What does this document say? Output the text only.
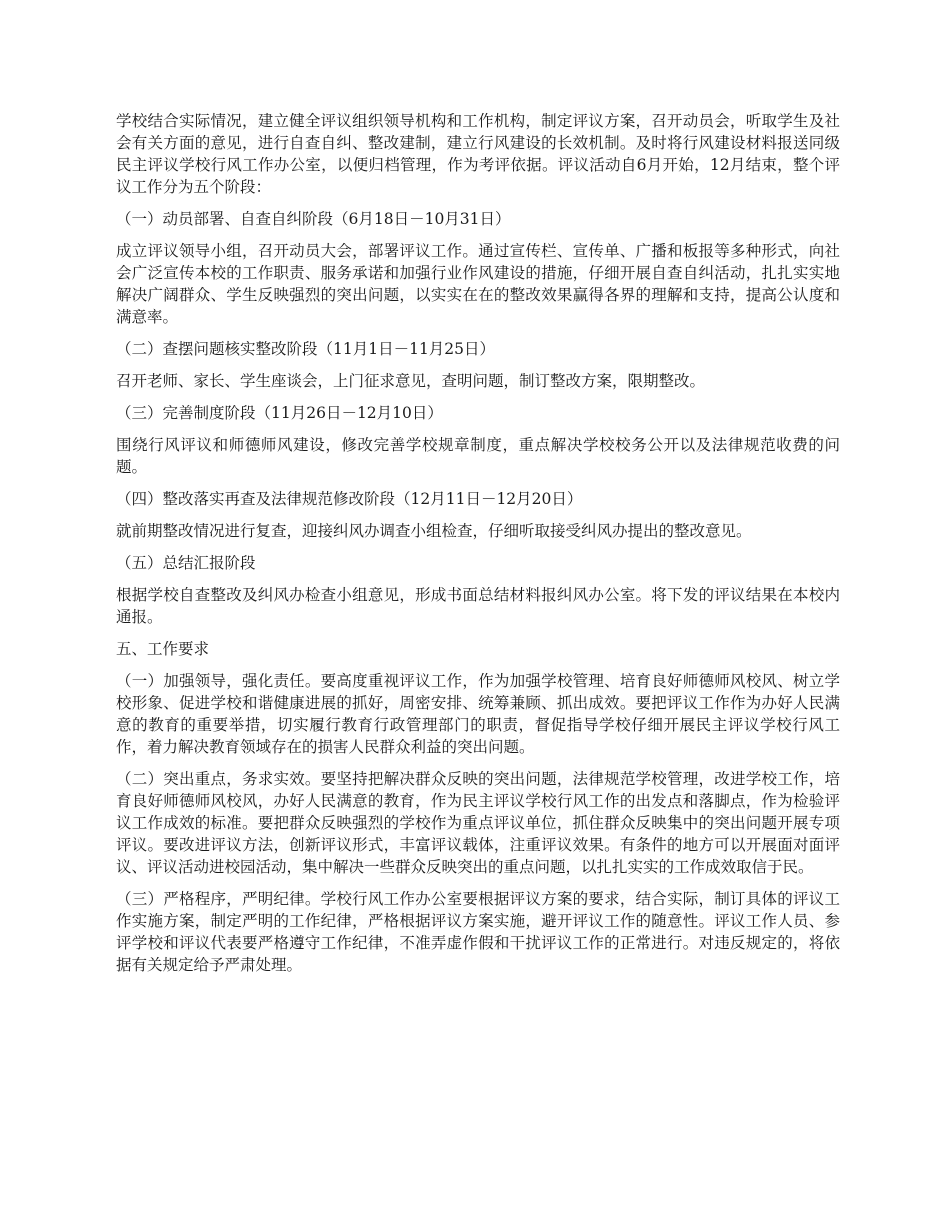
学校结合实际情况，建立健全评议组织领导机构和工作机构，制定评议方案，召开动员会，听取学生及社会有关方面的意见，进行自查自纠、整改建制，建立行风建设的长效机制。及时将行风建设材料报送同级民主评议学校行风工作办公室，以便归档管理，作为考评依据。评议活动自6月开始，12月结束，整个评议工作分为五个阶段：

（一）动员部署、自查自纠阶段（6月18日－10月31日）

成立评议领导小组，召开动员大会，部署评议工作。通过宣传栏、宣传单、广播和板报等多种形式，向社会广泛宣传本校的工作职责、服务承诺和加强行业作风建设的措施，仔细开展自查自纠活动，扎扎实实地解决广阔群众、学生反映强烈的突出问题，以实实在在的整改效果赢得各界的理解和支持，提高公认度和满意率。

（二）查摆问题核实整改阶段（11月1日－11月25日）

召开老师、家长、学生座谈会，上门征求意见，查明问题，制订整改方案，限期整改。

（三）完善制度阶段（11月26日－12月10日）

围绕行风评议和师德师风建设，修改完善学校规章制度，重点解决学校校务公开以及法律规范收费的问题。

（四）整改落实再查及法律规范修改阶段（12月11日－12月20日）

就前期整改情况进行复查，迎接纠风办调查小组检查，仔细听取接受纠风办提出的整改意见。

（五）总结汇报阶段

根据学校自查整改及纠风办检查小组意见，形成书面总结材料报纠风办公室。将下发的评议结果在本校内通报。

五、工作要求

（一）加强领导，强化责任。要高度重视评议工作，作为加强学校管理、培育良好师德师风校风、树立学校形象、促进学校和谐健康进展的抓好，周密安排、统筹兼顾、抓出成效。要把评议工作作为办好人民满意的教育的重要举措，切实履行教育行政管理部门的职责，督促指导学校仔细开展民主评议学校行风工作，着力解决教育领域存在的损害人民群众利益的突出问题。

（二）突出重点，务求实效。要坚持把解决群众反映的突出问题，法律规范学校管理，改进学校工作，培育良好师德师风校风，办好人民满意的教育，作为民主评议学校行风工作的出发点和落脚点，作为检验评议工作成效的标准。要把群众反映强烈的学校作为重点评议单位，抓住群众反映集中的突出问题开展专项评议。要改进评议方法，创新评议形式，丰富评议载体，注重评议效果。有条件的地方可以开展面对面评议、评议活动进校园活动，集中解决一些群众反映突出的重点问题，以扎扎实实的工作成效取信于民。

（三）严格程序，严明纪律。学校行风工作办公室要根据评议方案的要求，结合实际，制订具体的评议工作实施方案，制定严明的工作纪律，严格根据评议方案实施，避开评议工作的随意性。评议工作人员、参评学校和评议代表要严格遵守工作纪律，不准弄虚作假和干扰评议工作的正常进行。对违反规定的，将依据有关规定给予严肃处理。
